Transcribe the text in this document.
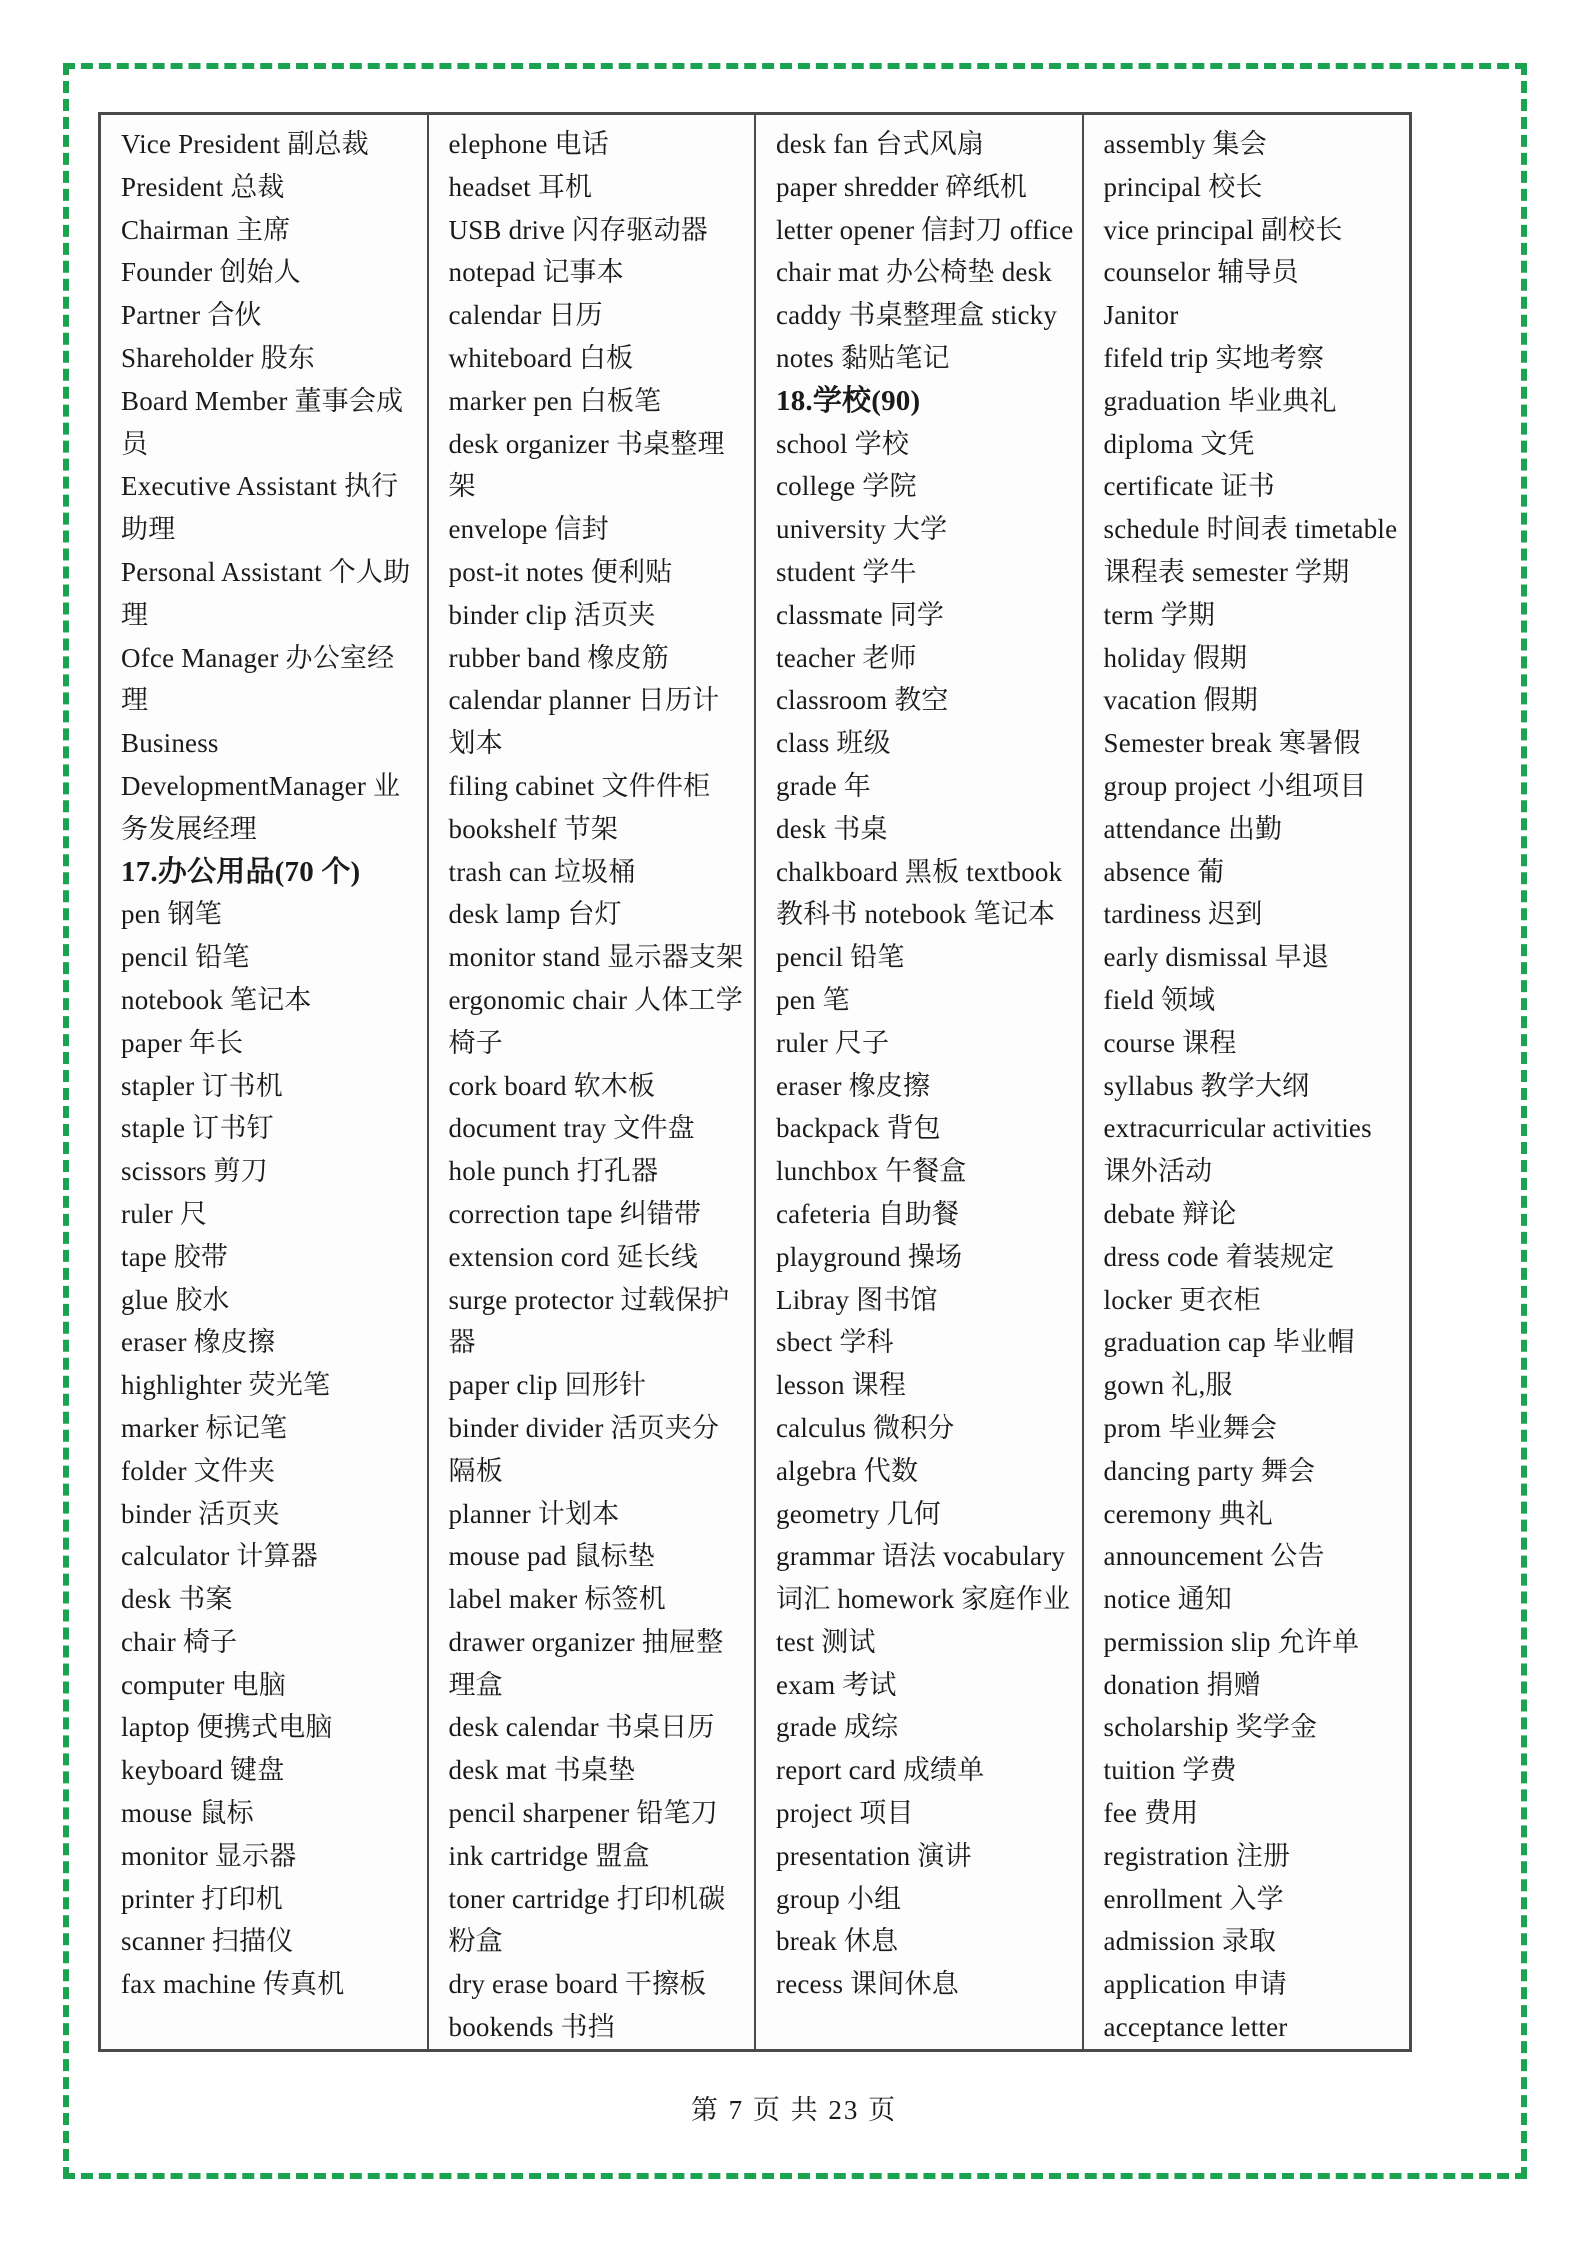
Vice President 副总裁
President 总裁
Chairman 主席
Founder 创始人
Partner 合伙
Shareholder 股东
Board Member 董事会成
员
Executive Assistant 执行
助理
Personal Assistant 个人助
理
Ofce Manager 办公室经
理
Business
DevelopmentManager 业
务发展经理
17.办公用品(70 个)
pen 钢笔
pencil 铅笔
notebook 笔记本
paper 年长
stapler 订书机
staple 订书钉
scissors 剪刀
ruler 尺
tape 胶带
glue 胶水
eraser 橡皮擦
highlighter 荧光笔
marker 标记笔
folder 文件夹
binder 活页夹
calculator 计算器
desk 书案
chair 椅子
computer 电脑
laptop 便携式电脑
keyboard 键盘
mouse 鼠标
monitor 显示器
printer 打印机
scanner 扫描仪
fax machine 传真机
elephone 电话
headset 耳机
USB drive 闪存驱动器
notepad 记事本
calendar 日历
whiteboard 白板
marker pen 白板笔
desk organizer 书桌整理
架
envelope 信封
post-it notes 便利贴
binder clip 活页夹
rubber band 橡皮筋
calendar planner 日历计
划本
filing cabinet 文件件柜
bookshelf 节架
trash can 垃圾桶
desk lamp 台灯
monitor stand 显示器支架
ergonomic chair 人体工学
椅子
cork board 软木板
document tray 文件盘
hole punch 打孔器
correction tape 纠错带
extension cord 延长线
surge protector 过载保护
器
paper clip 回形针
binder divider 活页夹分
隔板
planner 计划本
mouse pad 鼠标垫
label maker 标签机
drawer organizer 抽屉整
理盒
desk calendar 书桌日历
desk mat 书桌垫
pencil sharpener 铅笔刀
ink cartridge 盟盒
toner cartridge 打印机碳
粉盒
dry erase board 干擦板
bookends 书挡
desk fan 台式风扇
paper shredder 碎纸机
letter opener 信封刀 office
chair mat 办公椅垫 desk
caddy 书桌整理盒 sticky
notes 黏贴笔记
18.学校(90)
school 学校
college 学院
university 大学
student 学牛
classmate 同学
teacher 老师
classroom 教空
class 班级
grade 年
desk 书桌
chalkboard 黑板 textbook
教科书 notebook 笔记本
pencil 铅笔
pen 笔
ruler 尺子
eraser 橡皮擦
backpack 背包
lunchbox 午餐盒
cafeteria 自助餐
playground 操场
Libray 图书馆
sbect 学科
lesson 课程
calculus 微积分
algebra 代数
geometry 几何
grammar 语法 vocabulary
词汇 homework 家庭作业
test 测试
exam 考试
grade 成综
report card 成绩单
project 项目
presentation 演讲
group 小组
break 休息
recess 课间休息
assembly 集会
principal 校长
vice principal 副校长
counselor 辅导员
Janitor
fifeld trip 实地考察
graduation 毕业典礼
diploma 文凭
certificate 证书
schedule 时间表 timetable
课程表 semester 学期
term 学期
holiday 假期
vacation 假期
Semester break 寒暑假
group project 小组项目
attendance 出勤
absence 葡
tardiness 迟到
early dismissal 早退
field 领域
course 课程
syllabus 教学大纲
extracurricular activities
课外活动
debate 辩论
dress code 着装规定
locker 更衣柜
graduation cap 毕业帽
gown 礼,服
prom 毕业舞会
dancing party 舞会
ceremony 典礼
announcement 公告
notice 通知
permission slip 允许单
donation 捐赠
scholarship 奖学金
tuition 学费
fee 费用
registration 注册
enrollment 入学
admission 录取
application 申请
acceptance letter
第 7 页 共 23 页
